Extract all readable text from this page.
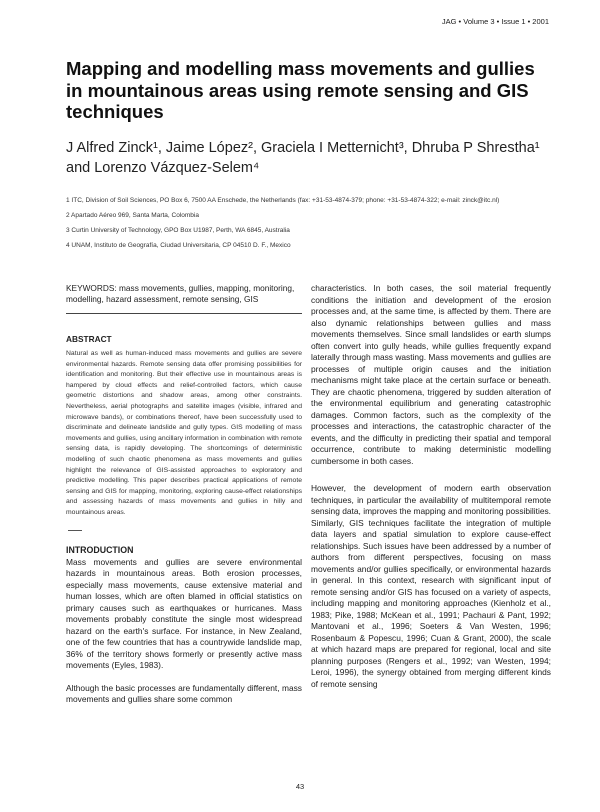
JAG • Volume 3 • Issue 1 • 2001
Mapping and modelling mass movements and gullies in mountainous areas using remote sensing and GIS techniques

J Alfred Zinck¹, Jaime López², Graciela I Metternicht³, Dhruba P Shrestha¹ and Lorenzo Vázquez-Selem⁴

1 ITC, Division of Soil Sciences, PO Box 6, 7500 AA Enschede, the Netherlands (fax: +31-53-4874-379; phone: +31-53-4874-322; e-mail: zinck@itc.nl)

2 Apartado Aéreo 969, Santa Marta, Colombia

3 Curtin University of Technology, GPO Box U1987, Perth, WA 6845, Australia

4 UNAM, Instituto de Geografía, Ciudad Universitaria, CP 04510 D. F., Mexico

KEYWORDS: mass movements, gullies, mapping, monitoring, modelling, hazard assessment, remote sensing, GIS

ABSTRACT

Natural as well as human-induced mass movements and gullies are severe environmental hazards. Remote sensing data offer promising possibilities for identification and monitoring. But their effective use in mountainous areas is hampered by cloud effects and relief-controlled factors, which cause geometric distortions and shadow areas, among other constraints. Nevertheless, aerial photographs and satellite images (visible, infrared and microwave bands), or combinations thereof, have been successfully used to discriminate and delineate landslide and gully types. GIS modelling of mass movements and gullies, using ancillary information in combination with remote sensing data, is rapidly developing. The shortcomings of deterministic modelling of such chaotic phenomena as mass movements and gullies highlight the relevance of GIS-assisted approaches to exploratory and predictive modelling. This paper describes practical applications of remote sensing and GIS for mapping, monitoring, exploring cause-effect relationships and assessing hazards of mass movements and gullies in hilly and mountainous areas.

INTRODUCTION

Mass movements and gullies are severe environmental hazards in mountainous areas. Both erosion processes, especially mass movements, cause extensive material and human losses, which are often blamed in official statistics on primary causes such as earthquakes or hurricanes. Mass movements probably constitute the single most widespread hazard on the earth's surface. For instance, in New Zealand, one of the few countries that has a countrywide landslide map, 36% of the territory shows formerly or presently active mass movements (Eyles, 1983).

Although the basic processes are fundamentally different, mass movements and gullies share some common

characteristics. In both cases, the soil material frequently conditions the initiation and development of the erosion processes and, at the same time, is affected by them. There are also dynamic relationships between gullies and mass movements themselves. Since small landslides or earth slumps often convert into gully heads, while gullies frequently expand laterally through mass wasting. Mass movements and gullies are processes of multiple origin causes and the initiation mechanisms might take place at the certain surface or beneath. They are chaotic phenomena, triggered by sudden alteration of the environmental equilibrium and generating catastrophic damages. Common factors, such as the complexity of the processes and interactions, the catastrophic character of the events, and the difficulty in predicting their spatial and temporal occurrence, contribute to making deterministic modelling cumbersome in both cases.

However, the development of modern earth observation techniques, in particular the availability of multitemporal remote sensing data, improves the mapping and monitoring possibilities. Similarly, GIS techniques facilitate the integration of multiple data layers and spatial simulation to explore cause-effect relationships. Such issues have been addressed by a number of authors from different perspectives, focusing on mass movements and/or gullies specifically, or environmental hazards in general. In this context, research with significant input of remote sensing and/or GIS has focused on a variety of aspects, including mapping and monitoring approaches (Kienholz et al., 1983; Pike, 1988; McKean et al., 1991; Pachauri & Pant, 1992; Mantovani et al., 1996; Soeters & Van Westen, 1996; Rosenbaum & Popescu, 1996; Cuan & Grant, 2000), the scale at which hazard maps are prepared for regional, local and site planning purposes (Rengers et al., 1992; van Westen, 1994; Leroi, 1996), the synergy obtained from merging different kinds of remote sensing

43
